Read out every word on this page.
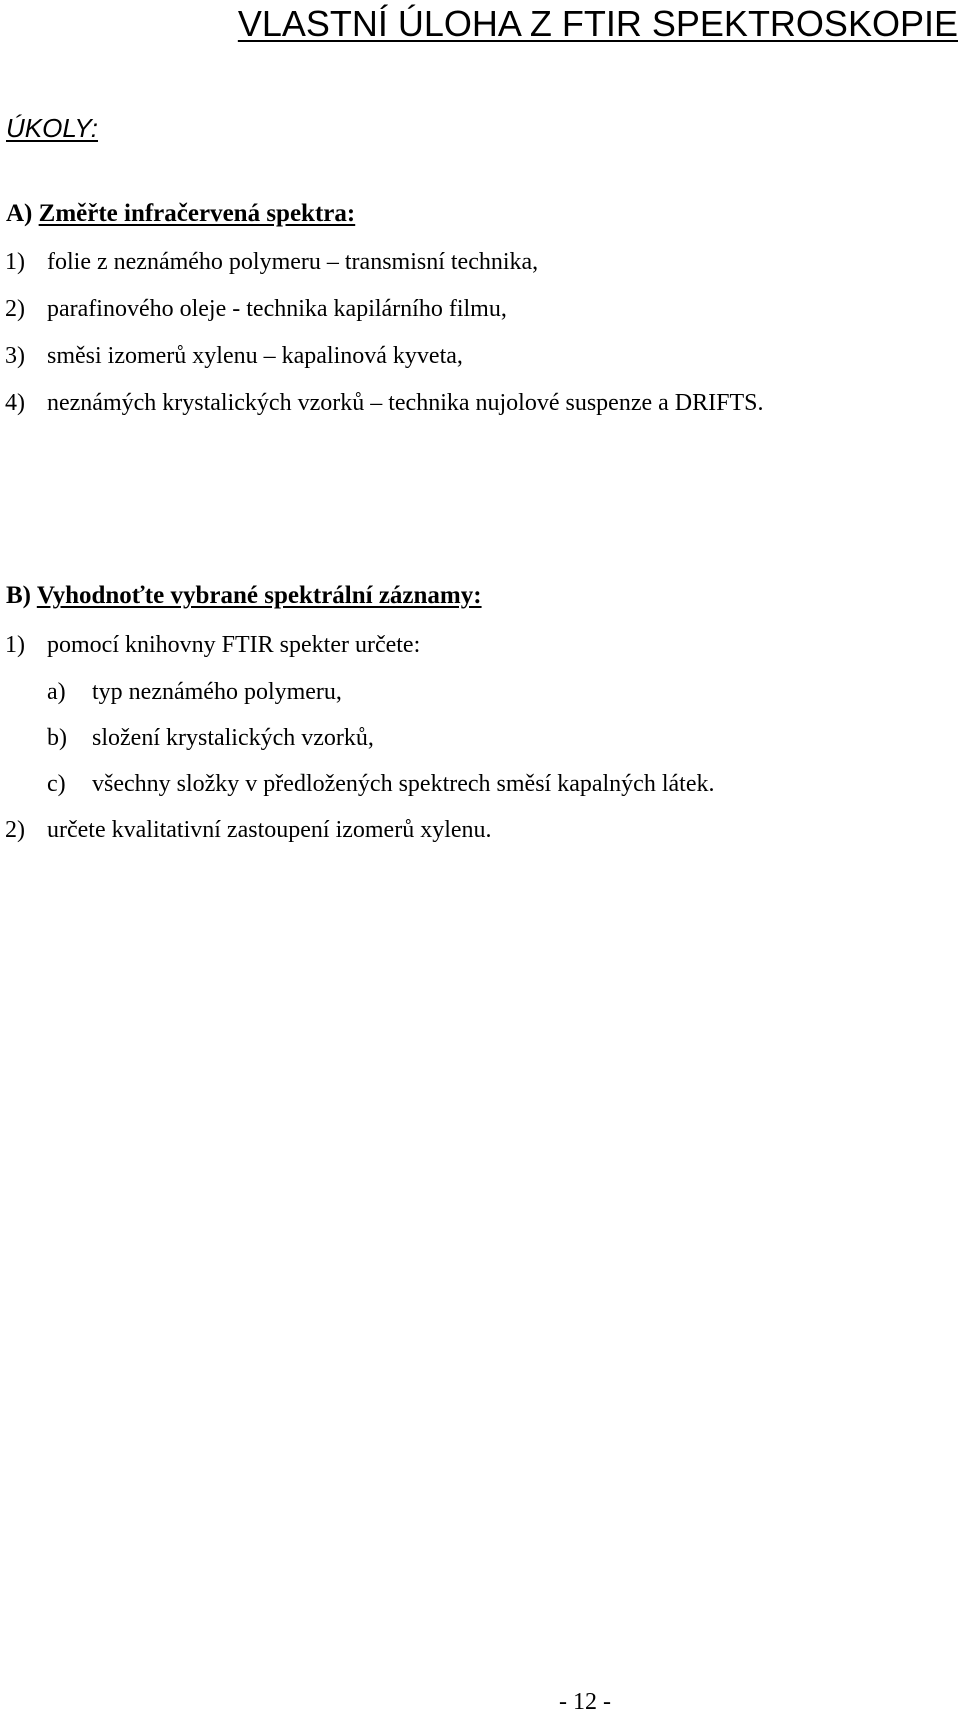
VLASTNÍ ÚLOHA Z FTIR SPEKTROSKOPIE
ÚKOLY:
A) Změřte infračervená spektra:
1) folie z neznámého polymeru – transmisní technika,
2) parafinového oleje - technika kapilárního filmu,
3) směsi izomerů xylenu – kapalinová kyveta,
4) neznámých krystalických vzorků – technika nujolové suspenze a DRIFTS.
B) Vyhodnoťte vybrané spektrální záznamy:
1) pomocí knihovny FTIR spekter určete:
a) typ neznámého polymeru,
b) složení krystalických vzorků,
c) všechny složky v předložených spektrech směsí kapalných látek.
2) určete kvalitativní zastoupení izomerů xylenu.
- 12 -
